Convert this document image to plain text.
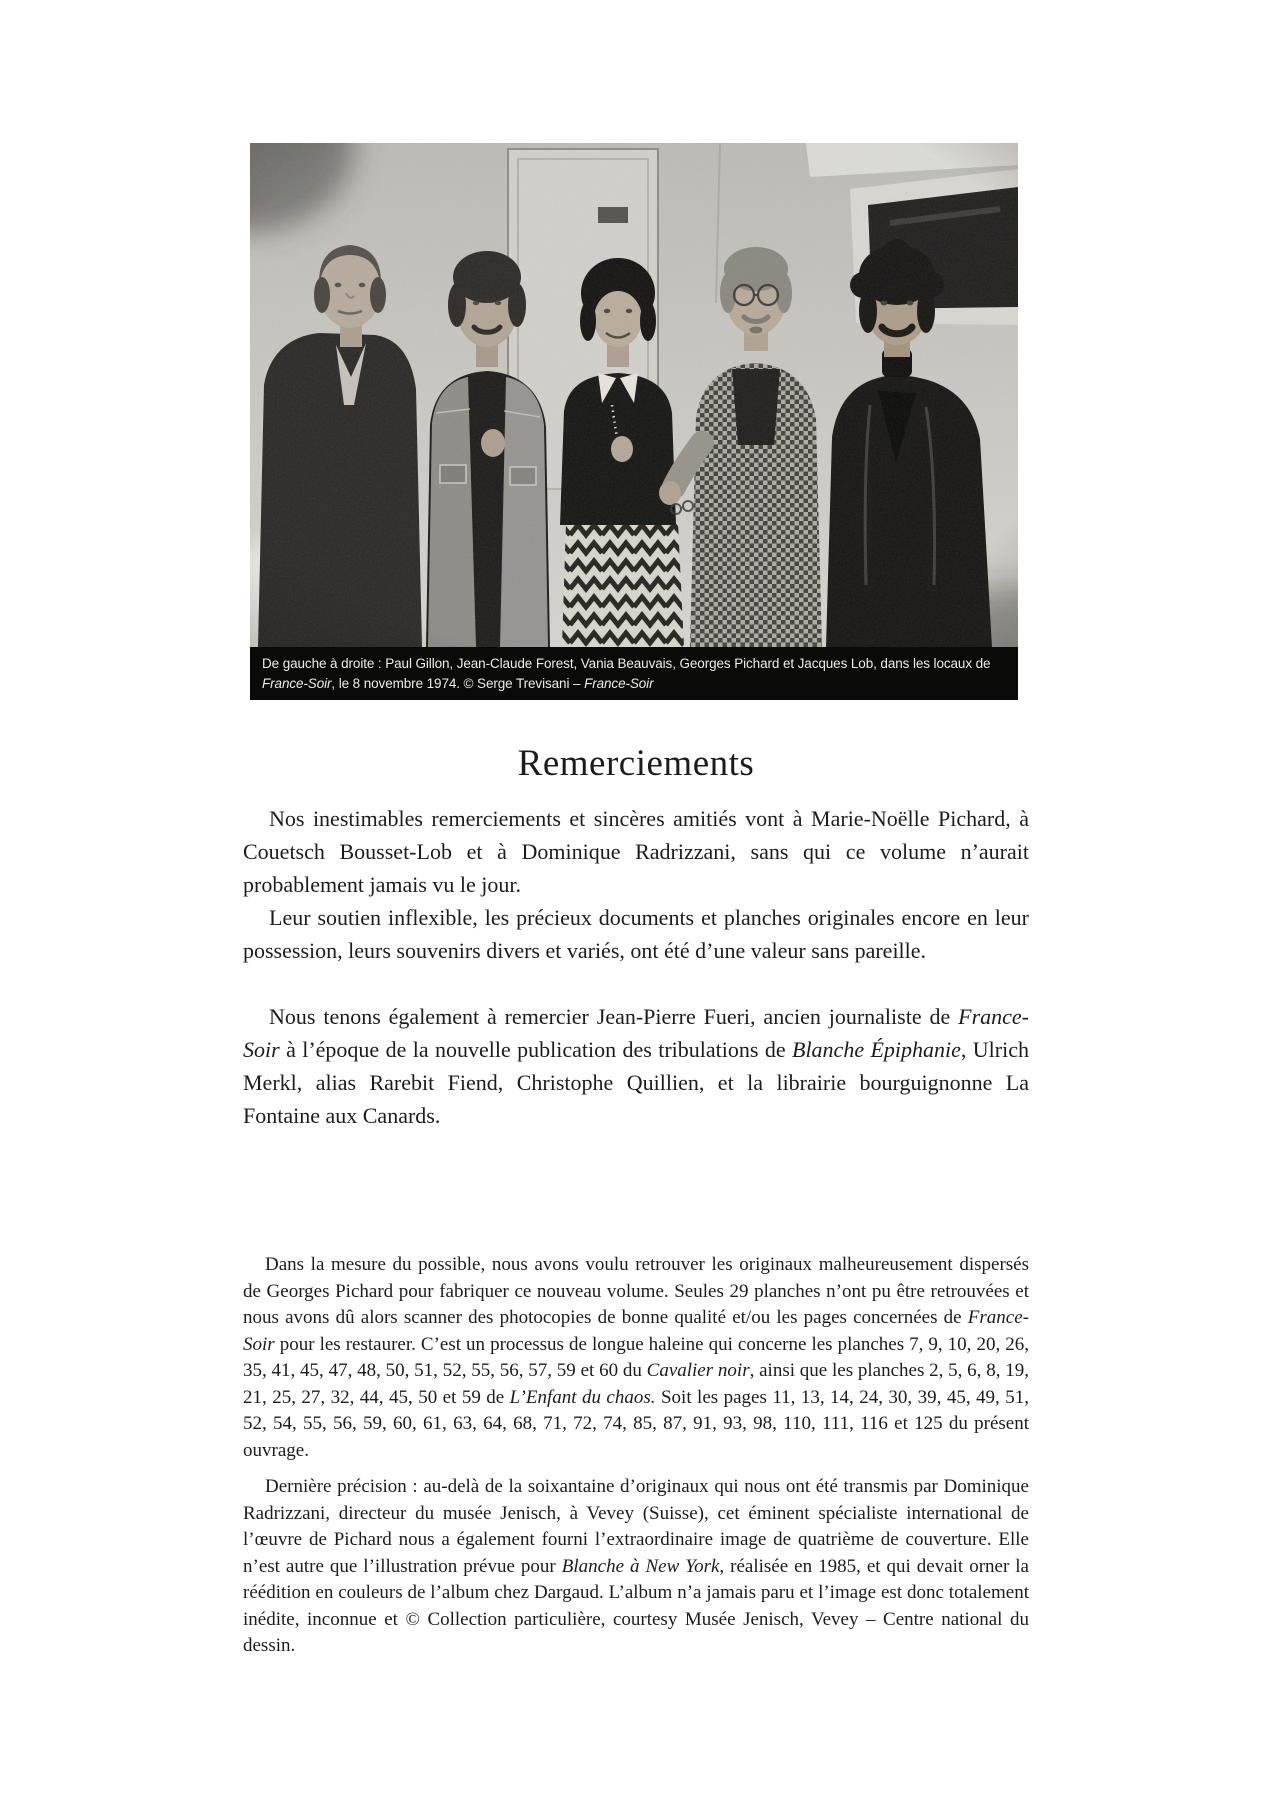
De gauche à droite : Paul Gillon, Jean-Claude Forest, Vania Beauvais, Georges Pichard et Jacques Lob, dans les locaux de
France-Soir, le 8 novembre 1974. © Serge Trevisani – France-Soir
Remerciements

Nos inestimables remerciements et sincères amitiés vont à Marie-Noëlle Pichard, à Couetsch Bousset-Lob et à Dominique Radrizzani, sans qui ce volume n’aurait probablement jamais vu le jour.

Leur soutien inflexible, les précieux documents et planches originales encore en leur possession, leurs souvenirs divers et variés, ont été d’une valeur sans pareille.

Nous tenons également à remercier Jean-Pierre Fueri, ancien journaliste de France-Soir à l’époque de la nouvelle publication des tribulations de Blanche Épiphanie, Ulrich Merkl, alias Rarebit Fiend, Christophe Quillien, et la librairie bourguignonne La Fontaine aux Canards.

Dans la mesure du possible, nous avons voulu retrouver les originaux malheureusement dispersés de Georges Pichard pour fabriquer ce nouveau volume. Seules 29 planches n’ont pu être retrouvées et nous avons dû alors scanner des photocopies de bonne qualité et/ou les pages concernées de France-Soir pour les restaurer. C’est un processus de longue haleine qui concerne les planches 7, 9, 10, 20, 26, 35, 41, 45, 47, 48, 50, 51, 52, 55, 56, 57, 59 et 60 du Cavalier noir, ainsi que les planches 2, 5, 6, 8, 19, 21, 25, 27, 32, 44, 45, 50 et 59 de L’Enfant du chaos. Soit les pages 11, 13, 14, 24, 30, 39, 45, 49, 51, 52, 54, 55, 56, 59, 60, 61, 63, 64, 68, 71, 72, 74, 85, 87, 91, 93, 98, 110, 111, 116 et 125 du présent ouvrage.

Dernière précision : au-delà de la soixantaine d’originaux qui nous ont été transmis par Dominique Radrizzani, directeur du musée Jenisch, à Vevey (Suisse), cet éminent spécialiste international de l’œuvre de Pichard nous a également fourni l’extraordinaire image de quatrième de couverture. Elle n’est autre que l’illustration prévue pour Blanche à New York, réalisée en 1985, et qui devait orner la réédition en couleurs de l’album chez Dargaud. L’album n’a jamais paru et l’image est donc totalement inédite, inconnue et © Collection particulière, courtesy Musée Jenisch, Vevey – Centre national du dessin.
